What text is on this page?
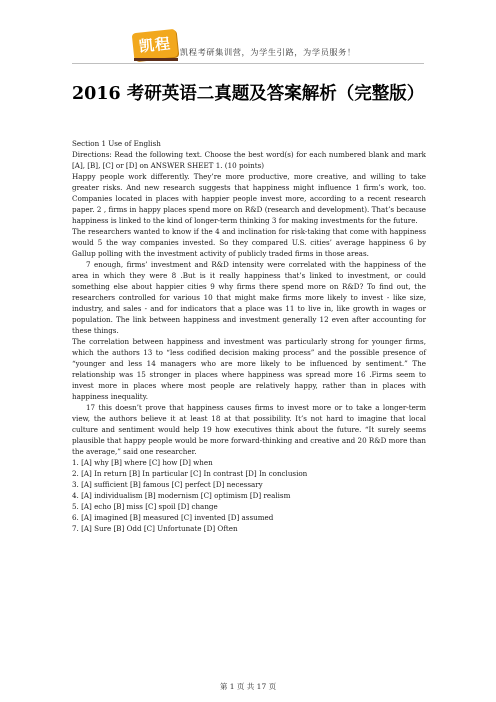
凯程 凯程考研集训营，为学生引路，为学员服务！
2016 考研英语二真题及答案解析（完整版）

Section 1 Use of English

Directions: Read the following text. Choose the best word(s) for each numbered blank and mark [A], [B], [C] or [D] on ANSWER SHEET 1. (10 points)

Happy people work differently. They’re more productive, more creative, and willing to take greater risks. And new research suggests that happiness might influence 1 firm’s work, too. Companies located in places with happier people invest more, according to a recent research paper. 2 , firms in happy places spend more on R&D (research and development). That’s because happiness is linked to the kind of longer-term thinking 3 for making investments for the future.

The researchers wanted to know if the 4 and inclination for risk-taking that come with happiness would 5 the way companies invested. So they compared U.S. cities’ average happiness 6 by Gallup polling with the investment activity of publicly traded firms in those areas.

7 enough, firms’ investment and R&D intensity were correlated with the happiness of the area in which they were 8 .But is it really happiness that’s linked to investment, or could something else about happier cities 9 why firms there spend more on R&D? To find out, the researchers controlled for various 10 that might make firms more likely to invest - like size, industry, and sales - and for indicators that a place was 11 to live in, like growth in wages or population. The link between happiness and investment generally 12 even after accounting for these things.

The correlation between happiness and investment was particularly strong for younger firms, which the authors 13 to “less codified decision making process” and the possible presence of “younger and less 14 managers who are more likely to be influenced by sentiment.” The relationship was 15 stronger in places where happiness was spread more 16 .Firms seem to invest more in places where most people are relatively happy, rather than in places with happiness inequality.

17 this doesn’t prove that happiness causes firms to invest more or to take a longer-term view, the authors believe it at least 18 at that possibility. It’s not hard to imagine that local culture and sentiment would help 19 how executives think about the future. “It surely seems plausible that happy people would be more forward-thinking and creative and 20 R&D more than the average,” said one researcher.

1. [A] why [B] where [C] how [D] when

2. [A] In return [B] In particular [C] In contrast [D] In conclusion

3. [A] sufficient [B] famous [C] perfect [D] necessary

4. [A] individualism [B] modernism [C] optimism [D] realism

5. [A] echo [B] miss [C] spoil [D] change

6. [A] imagined [B] measured [C] invented [D] assumed

7. [A] Sure [B] Odd [C] Unfortunate [D] Often

第 1 页 共 17 页
